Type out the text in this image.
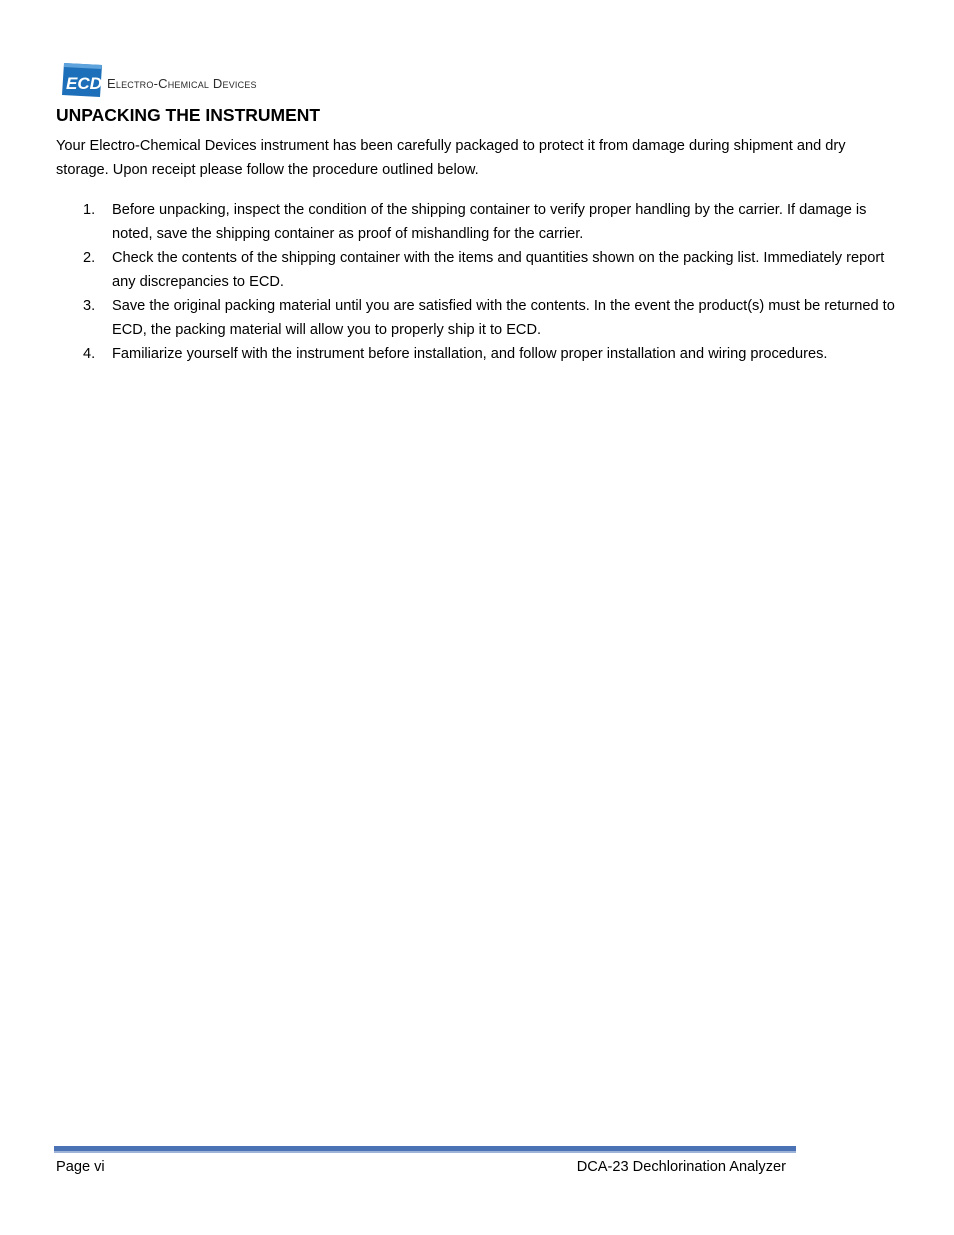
ECD Electro-Chemical Devices
UNPACKING THE INSTRUMENT

Your Electro-Chemical Devices instrument has been carefully packaged to protect it from damage during shipment and dry storage. Upon receipt please follow the procedure outlined below.

1. Before unpacking, inspect the condition of the shipping container to verify proper handling by the carrier. If damage is noted, save the shipping container as proof of mishandling for the carrier.
2. Check the contents of the shipping container with the items and quantities shown on the packing list. Immediately report any discrepancies to ECD.
3. Save the original packing material until you are satisfied with the contents. In the event the product(s) must be returned to ECD, the packing material will allow you to properly ship it to ECD.
4. Familiarize yourself with the instrument before installation, and follow proper installation and wiring procedures.
Page vi	DCA-23 Dechlorination Analyzer
